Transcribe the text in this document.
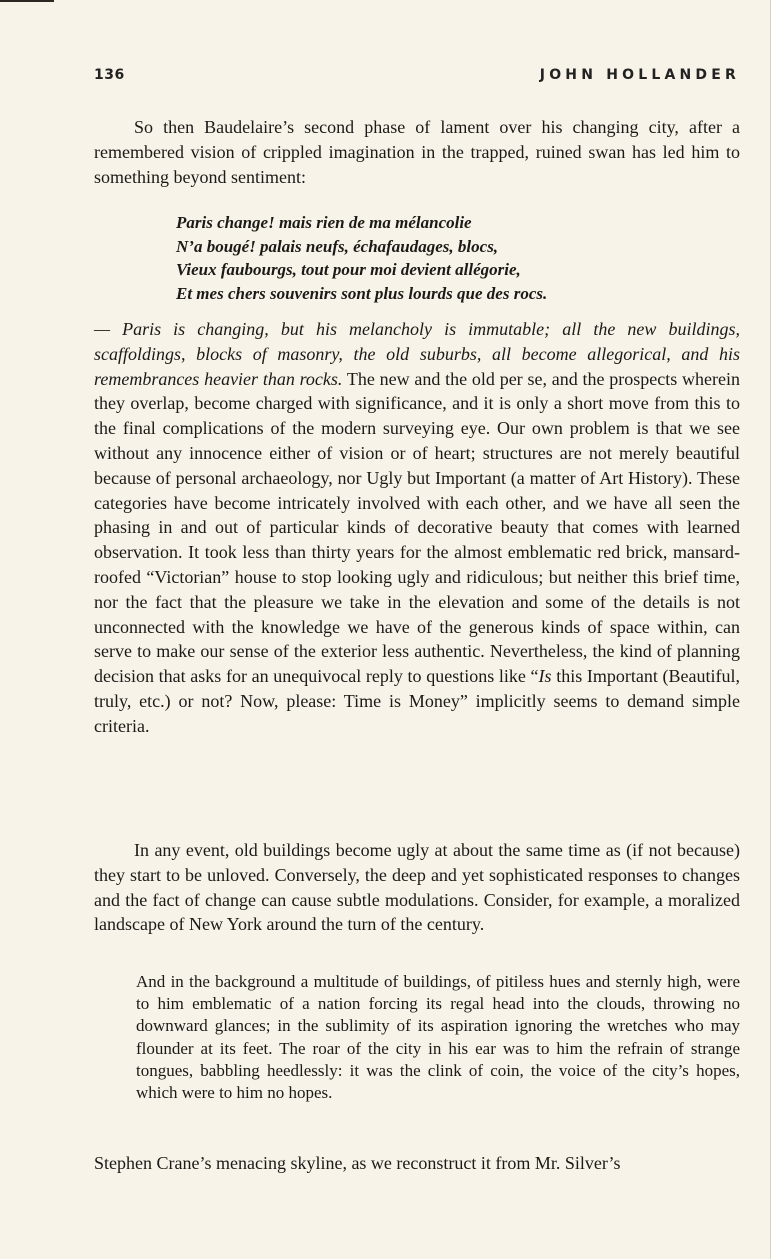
136	JOHN HOLLANDER

So then Baudelaire’s second phase of lament over his changing city, after a remembered vision of crippled imagination in the trapped, ruined swan has led him to something beyond sentiment:

Paris change! mais rien de ma mélancolie
N’a bougé! palais neufs, échafaudages, blocs,
Vieux faubourgs, tout pour moi devient allégorie,
Et mes chers souvenirs sont plus lourds que des rocs.

— Paris is changing, but his melancholy is immutable; all the new buildings, scaffoldings, blocks of masonry, the old suburbs, all become allegorical, and his remembrances heavier than rocks. The new and the old per se, and the prospects wherein they overlap, become charged with significance, and it is only a short move from this to the final complications of the modern surveying eye. Our own problem is that we see without any innocence either of vision or of heart; structures are not merely beautiful because of personal archaeology, nor Ugly but Important (a matter of Art History). These categories have become intricately involved with each other, and we have all seen the phasing in and out of particular kinds of decorative beauty that comes with learned observation. It took less than thirty years for the almost emblematic red brick, mansard-roofed “Victorian” house to stop looking ugly and ridiculous; but neither this brief time, nor the fact that the pleasure we take in the elevation and some of the details is not unconnected with the knowledge we have of the generous kinds of space within, can serve to make our sense of the exterior less authentic. Nevertheless, the kind of planning decision that asks for an unequivocal reply to questions like “Is this Important (Beautiful, truly, etc.) or not? Now, please: Time is Money” implicitly seems to demand simple criteria.

In any event, old buildings become ugly at about the same time as (if not because) they start to be unloved. Conversely, the deep and yet sophisticated responses to changes and the fact of change can cause subtle modulations. Consider, for example, a moralized landscape of New York around the turn of the century.

And in the background a multitude of buildings, of pitiless hues and sternly high, were to him emblematic of a nation forcing its regal head into the clouds, throwing no downward glances; in the sublimity of its aspiration ignoring the wretches who may flounder at its feet. The roar of the city in his ear was to him the refrain of strange tongues, babbling heedlessly: it was the clink of coin, the voice of the city’s hopes, which were to him no hopes.

Stephen Crane’s menacing skyline, as we reconstruct it from Mr. Silver’s
